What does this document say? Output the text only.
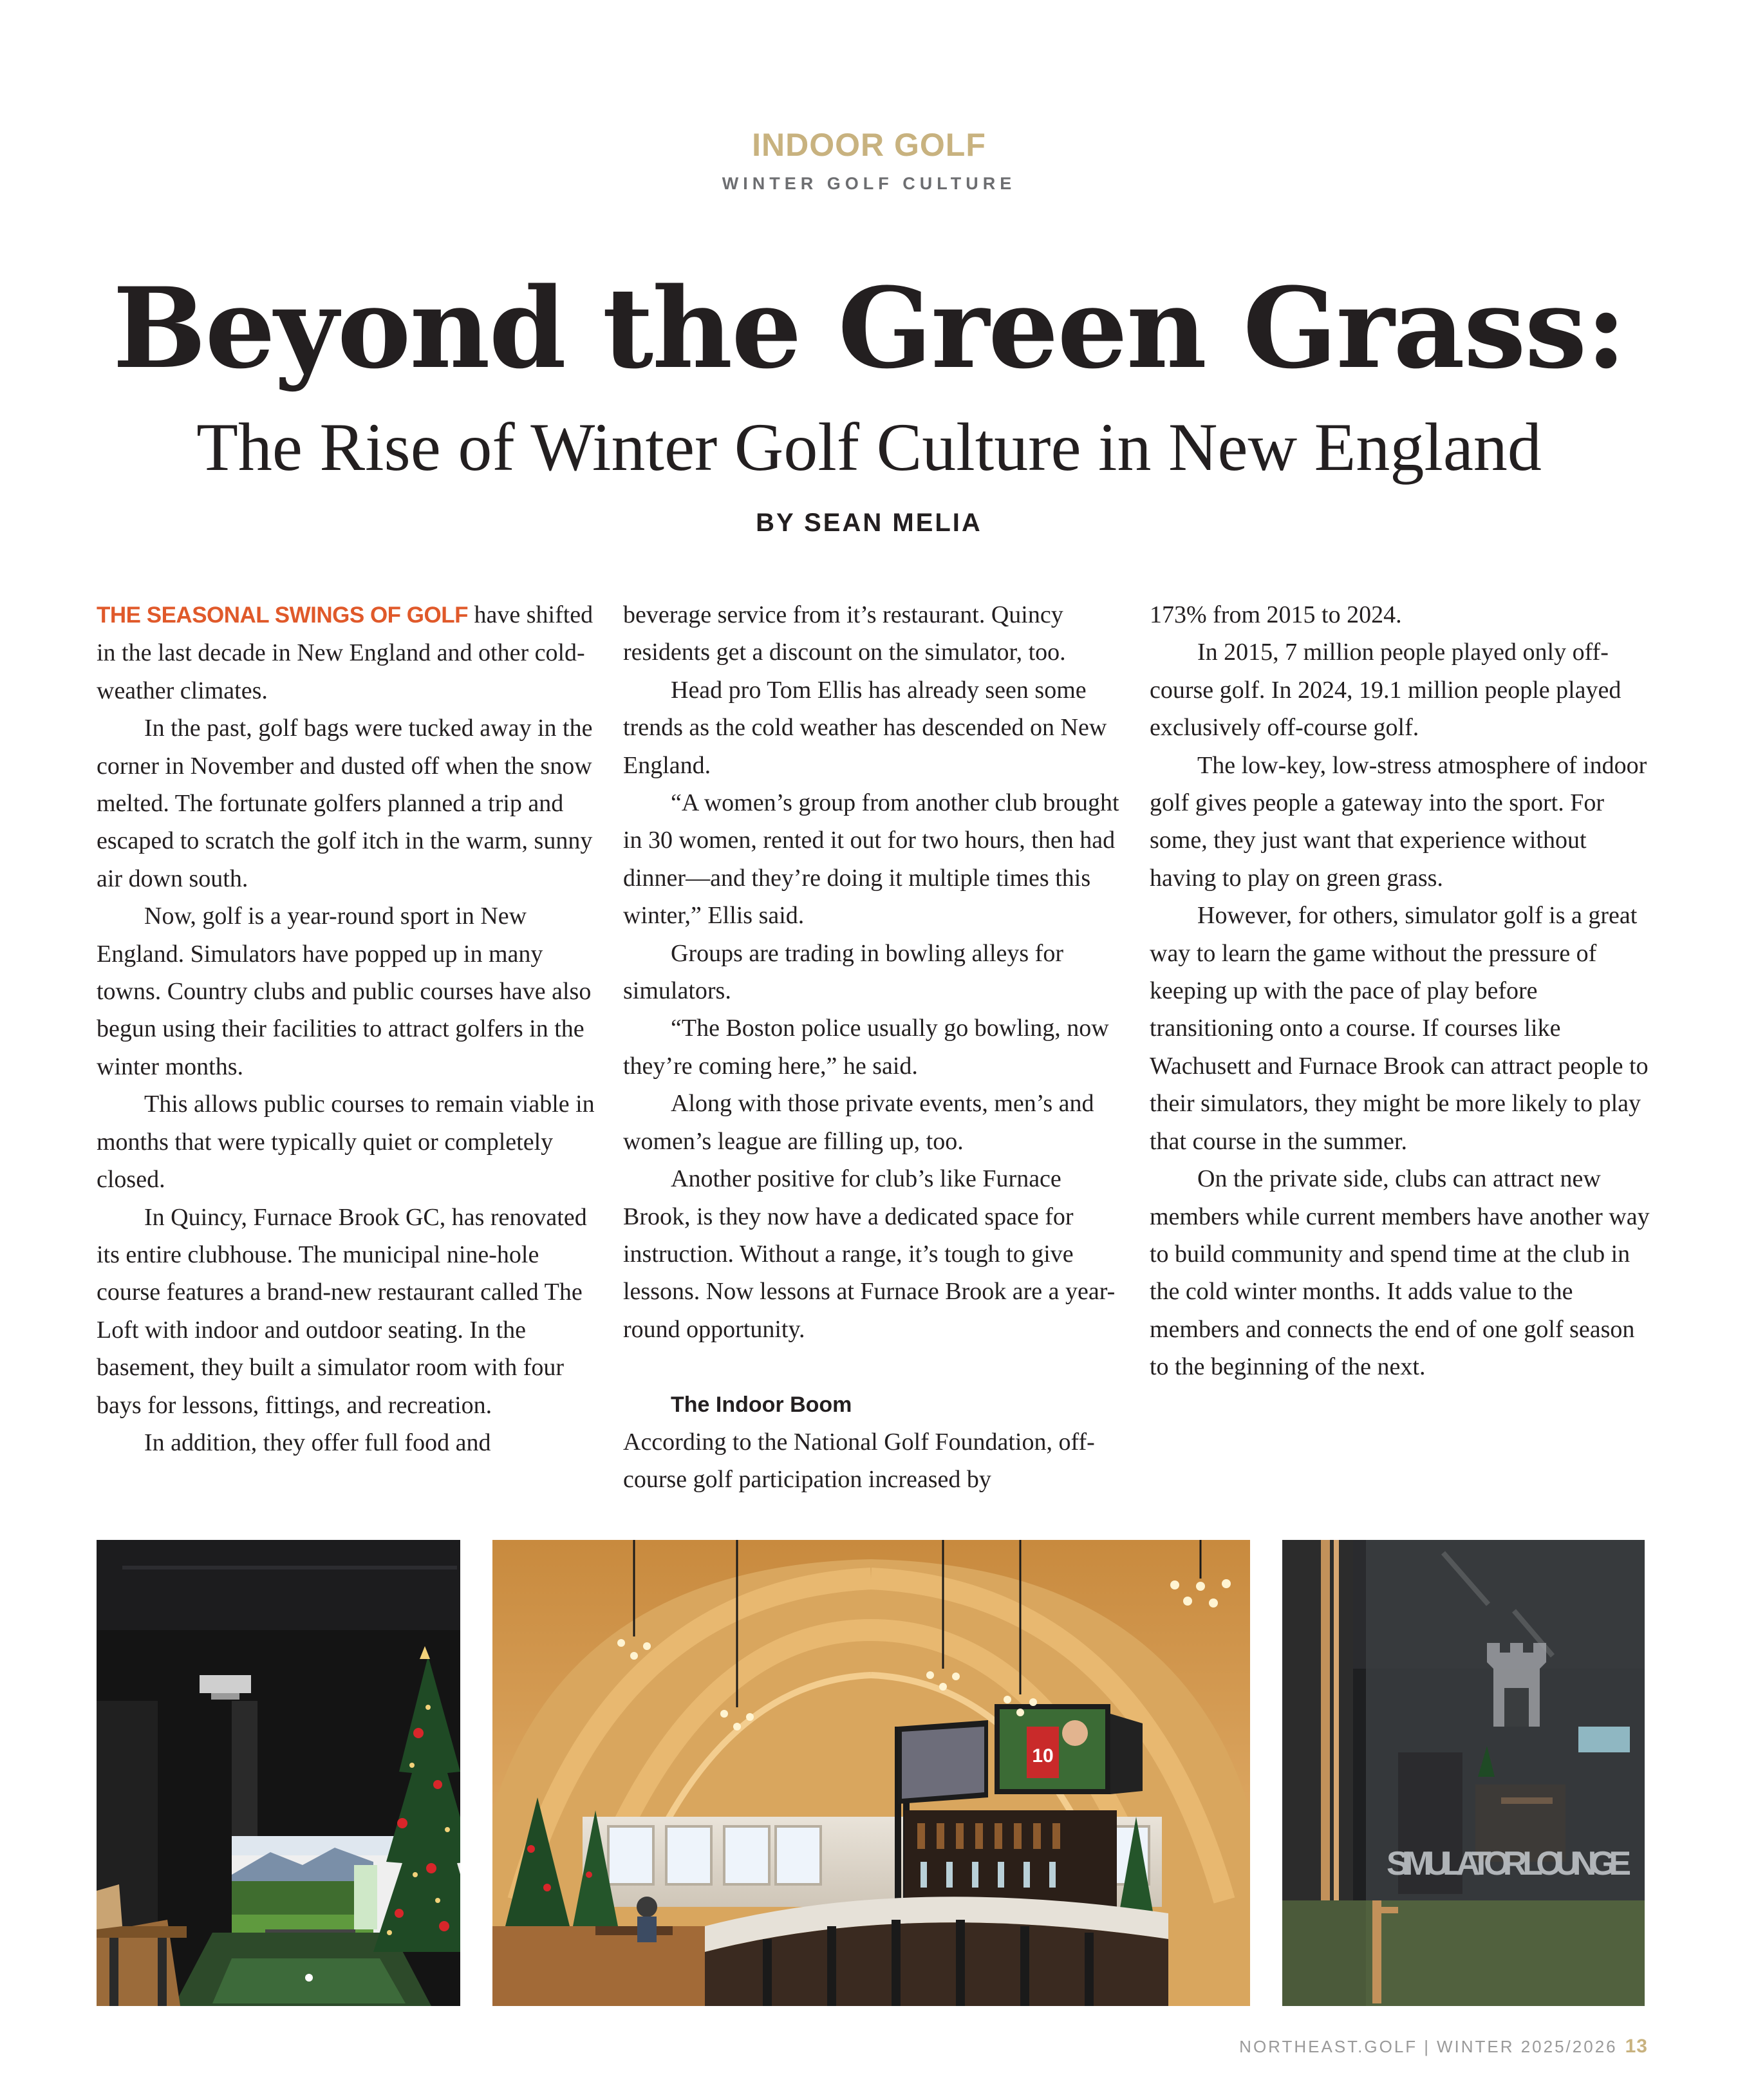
INDOOR GOLF
WINTER GOLF CULTURE
Beyond the Green Grass:
The Rise of Winter Golf Culture in New England
BY SEAN MELIA

THE SEASONAL SWINGS OF GOLF have shifted in the last decade in New England and other cold-weather climates.

In the past, golf bags were tucked away in the corner in November and dusted off when the snow melted. The fortunate golfers planned a trip and escaped to scratch the golf itch in the warm, sunny air down south.

Now, golf is a year-round sport in New England. Simulators have popped up in many towns. Country clubs and public courses have also begun using their facilities to attract golfers in the winter months.

This allows public courses to remain viable in months that were typically quiet or completely closed.

In Quincy, Furnace Brook GC, has renovated its entire clubhouse. The municipal nine-hole course features a brand-new restaurant called The Loft with indoor and outdoor seating. In the basement, they built a simulator room with four bays for lessons, fittings, and recreation.

In addition, they offer full food and

beverage service from it’s restaurant. Quincy residents get a discount on the simulator, too.

Head pro Tom Ellis has already seen some trends as the cold weather has descended on New England.

“A women’s group from another club brought in 30 women, rented it out for two hours, then had dinner—and they’re doing it multiple times this winter,” Ellis said.

Groups are trading in bowling alleys for simulators.

“The Boston police usually go bowling, now they’re coming here,” he said.

Along with those private events, men’s and women’s league are filling up, too.

Another positive for club’s like Furnace Brook, is they now have a dedicated space for instruction. Without a range, it’s tough to give lessons. Now lessons at Furnace Brook are a year-round opportunity.

The Indoor Boom

According to the National Golf Foundation, off-course golf participation increased by

173% from 2015 to 2024.

In 2015, 7 million people played only off-course golf. In 2024, 19.1 million people played exclusively off-course golf.

The low-key, low-stress atmosphere of indoor golf gives people a gateway into the sport. For some, they just want that experience without having to play on green grass.

However, for others, simulator golf is a great way to learn the game without the pressure of keeping up with the pace of play before transitioning onto a course. If courses like Wachusett and Furnace Brook can attract people to their simulators, they might be more likely to play that course in the summer.

On the private side, clubs can attract new members while current members have another way to build community and spend time at the club in the cold winter months. It adds value to the members and connects the end of one golf season to the beginning of the next.

10
SIMULATOR LOUNGE
NORTHEAST.GOLF | WINTER 2025/2026 13
